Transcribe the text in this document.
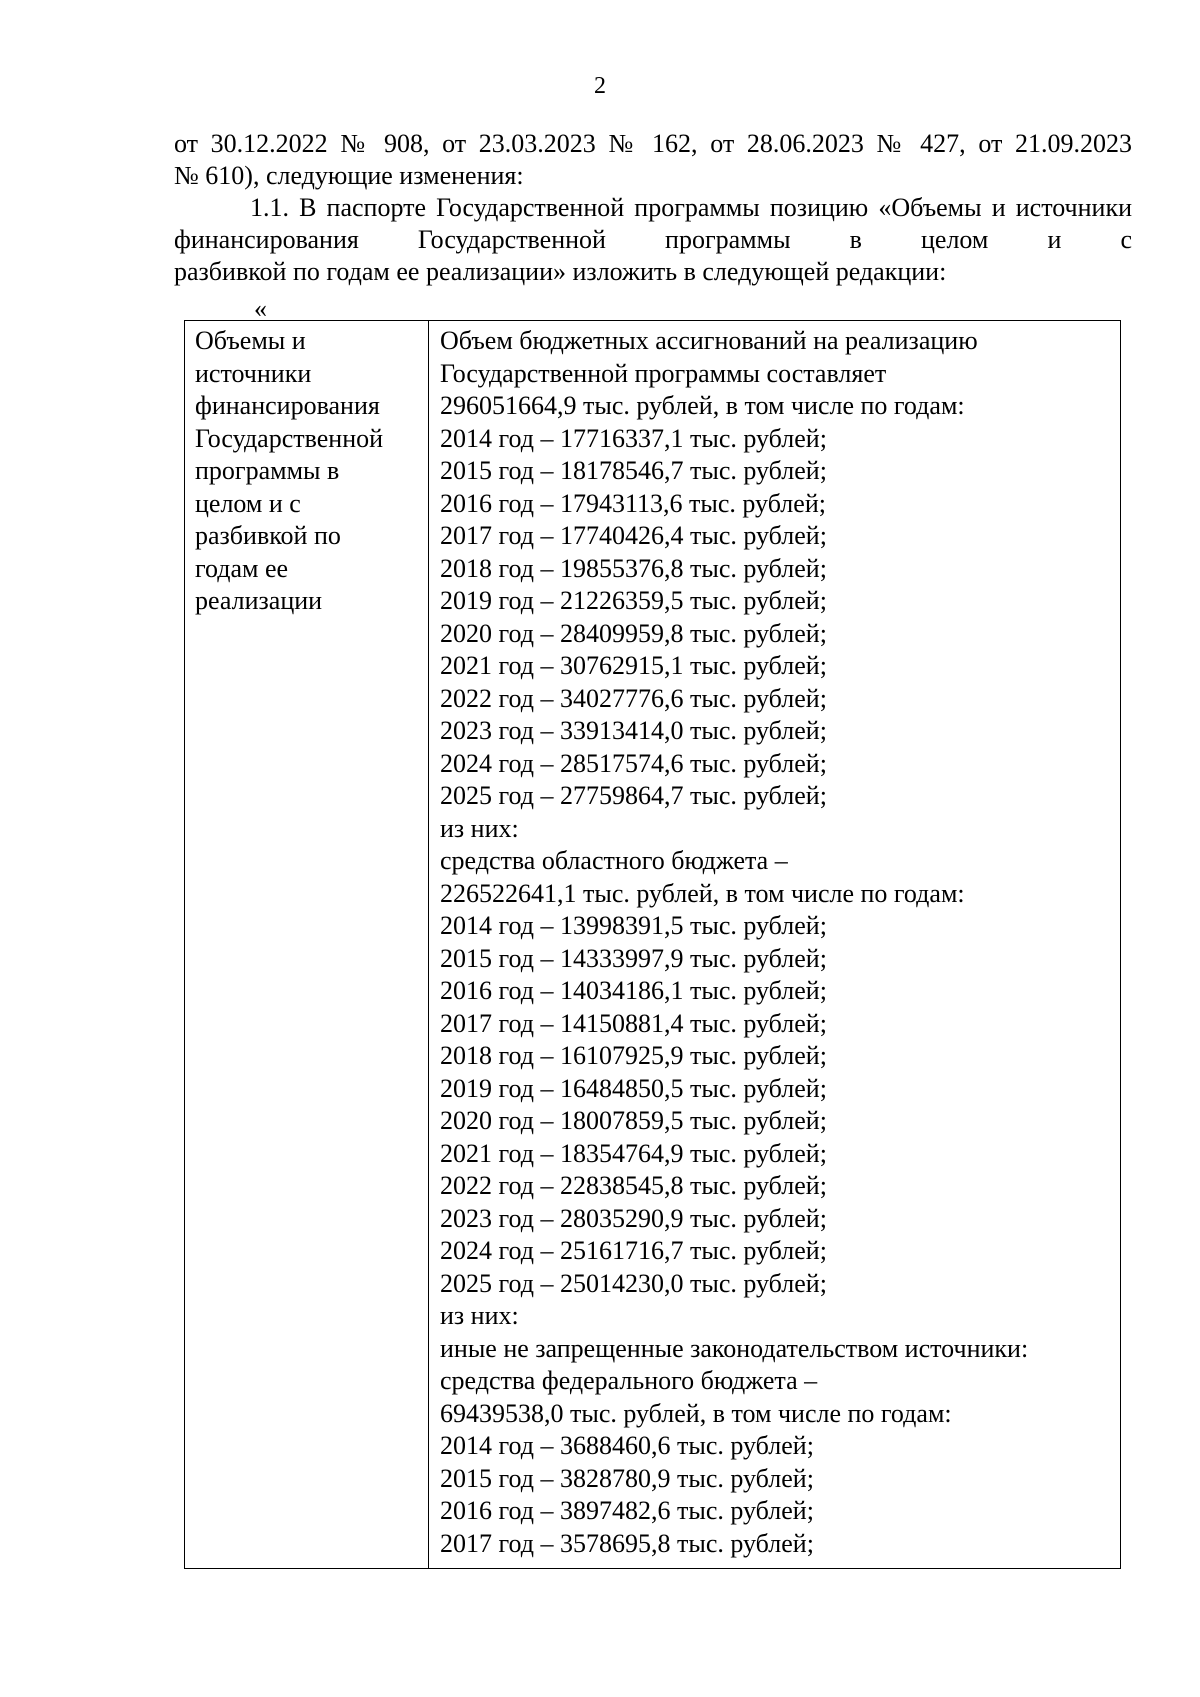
2
от 30.12.2022 № 908, от 23.03.2023 № 162, от 28.06.2023 № 427, от 21.09.2023
№ 610), следующие изменения:
1.1. В паспорте Государственной программы позицию «Объемы и источники финансирования Государственной программы в целом и с
разбивкой по годам ее реализации» изложить в следующей редакции:
«
Объемы и
источники
финансирования
Государственной
программы в
целом и с
разбивкой по
годам ее
реализации
Объем бюджетных ассигнований на реализацию
Государственной программы составляет
296051664,9 тыс. рублей, в том числе по годам:
2014 год – 17716337,1 тыс. рублей;
2015 год – 18178546,7 тыс. рублей;
2016 год – 17943113,6 тыс. рублей;
2017 год – 17740426,4 тыс. рублей;
2018 год – 19855376,8 тыс. рублей;
2019 год – 21226359,5 тыс. рублей;
2020 год – 28409959,8 тыс. рублей;
2021 год – 30762915,1 тыс. рублей;
2022 год – 34027776,6 тыс. рублей;
2023 год – 33913414,0 тыс. рублей;
2024 год – 28517574,6 тыс. рублей;
2025 год – 27759864,7 тыс. рублей;
из них:
средства областного бюджета –
226522641,1 тыс. рублей, в том числе по годам:
2014 год – 13998391,5 тыс. рублей;
2015 год – 14333997,9 тыс. рублей;
2016 год – 14034186,1 тыс. рублей;
2017 год – 14150881,4 тыс. рублей;
2018 год – 16107925,9 тыс. рублей;
2019 год – 16484850,5 тыс. рублей;
2020 год – 18007859,5 тыс. рублей;
2021 год – 18354764,9 тыс. рублей;
2022 год – 22838545,8 тыс. рублей;
2023 год – 28035290,9 тыс. рублей;
2024 год – 25161716,7 тыс. рублей;
2025 год – 25014230,0 тыс. рублей;
из них:
иные не запрещенные законодательством источники:
средства федерального бюджета –
69439538,0 тыс. рублей, в том числе по годам:
2014 год – 3688460,6 тыс. рублей;
2015 год – 3828780,9 тыс. рублей;
2016 год – 3897482,6 тыс. рублей;
2017 год – 3578695,8 тыс. рублей;
